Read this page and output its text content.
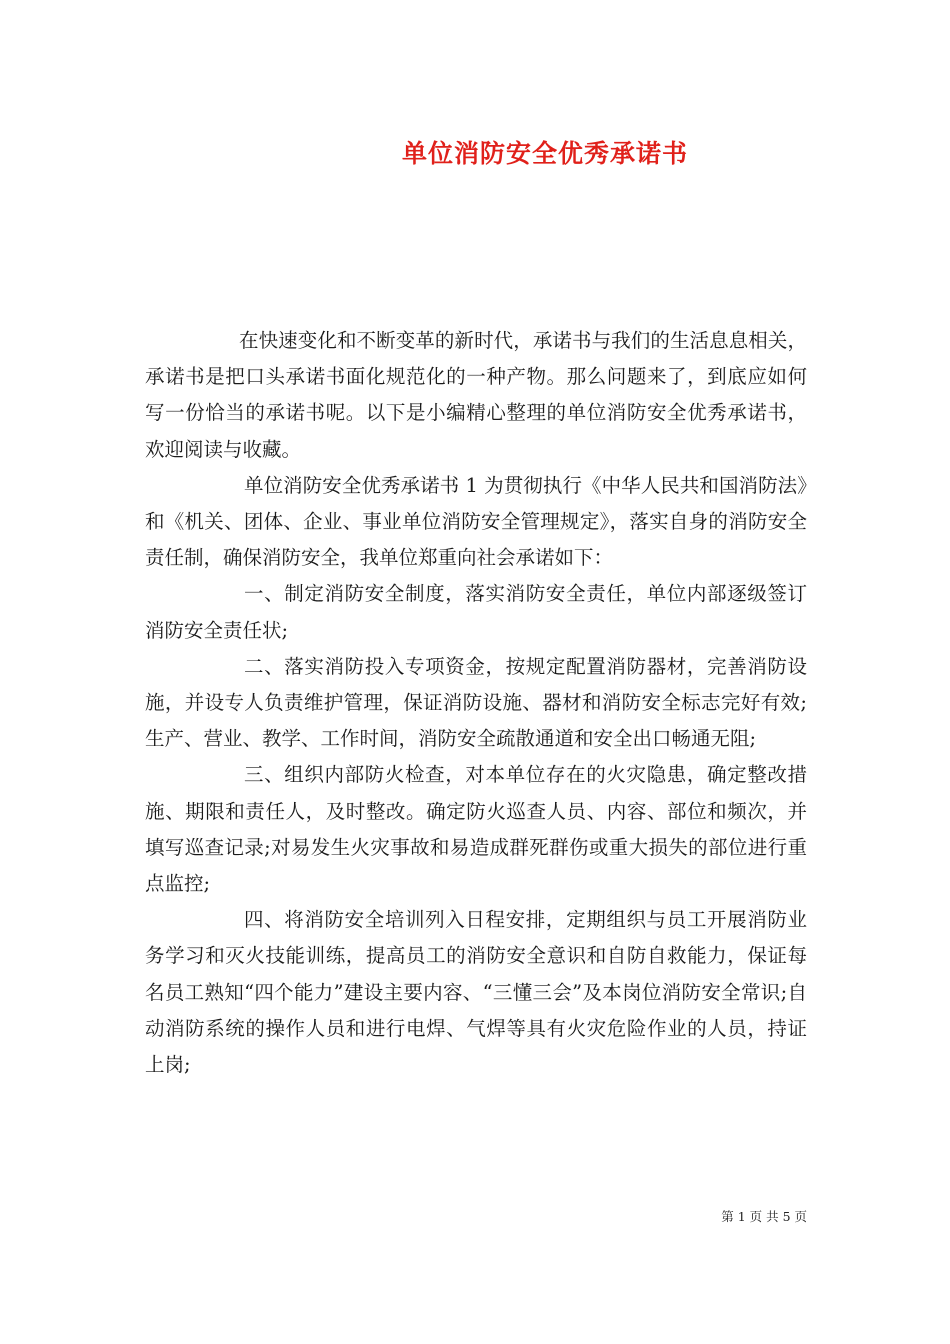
单位消防安全优秀承诺书

在快速变化和不断变革的新时代，承诺书与我们的生活息息相关，承诺书是把口头承诺书面化规范化的一种产物。那么问题来了，到底应如何写一份恰当的承诺书呢。以下是小编精心整理的单位消防安全优秀承诺书，欢迎阅读与收藏。

单位消防安全优秀承诺书 1 为贯彻执行《中华人民共和国消防法》和《机关、团体、企业、事业单位消防安全管理规定》，落实自身的消防安全责任制，确保消防安全，我单位郑重向社会承诺如下：

一、制定消防安全制度，落实消防安全责任，单位内部逐级签订消防安全责任状;

二、落实消防投入专项资金，按规定配置消防器材，完善消防设施，并设专人负责维护管理，保证消防设施、器材和消防安全标志完好有效;生产、营业、教学、工作时间，消防安全疏散通道和安全出口畅通无阻;

三、组织内部防火检查，对本单位存在的火灾隐患，确定整改措施、期限和责任人，及时整改。确定防火巡查人员、内容、部位和频次，并填写巡查记录;对易发生火灾事故和易造成群死群伤或重大损失的部位进行重点监控;

四、将消防安全培训列入日程安排，定期组织与员工开展消防业务学习和灭火技能训练，提高员工的消防安全意识和自防自救能力，保证每名员工熟知“四个能力”建设主要内容、“三懂三会”及本岗位消防安全常识;自动消防系统的操作人员和进行电焊、气焊等具有火灾危险作业的人员，持证上岗;

第 1 页 共 5 页
